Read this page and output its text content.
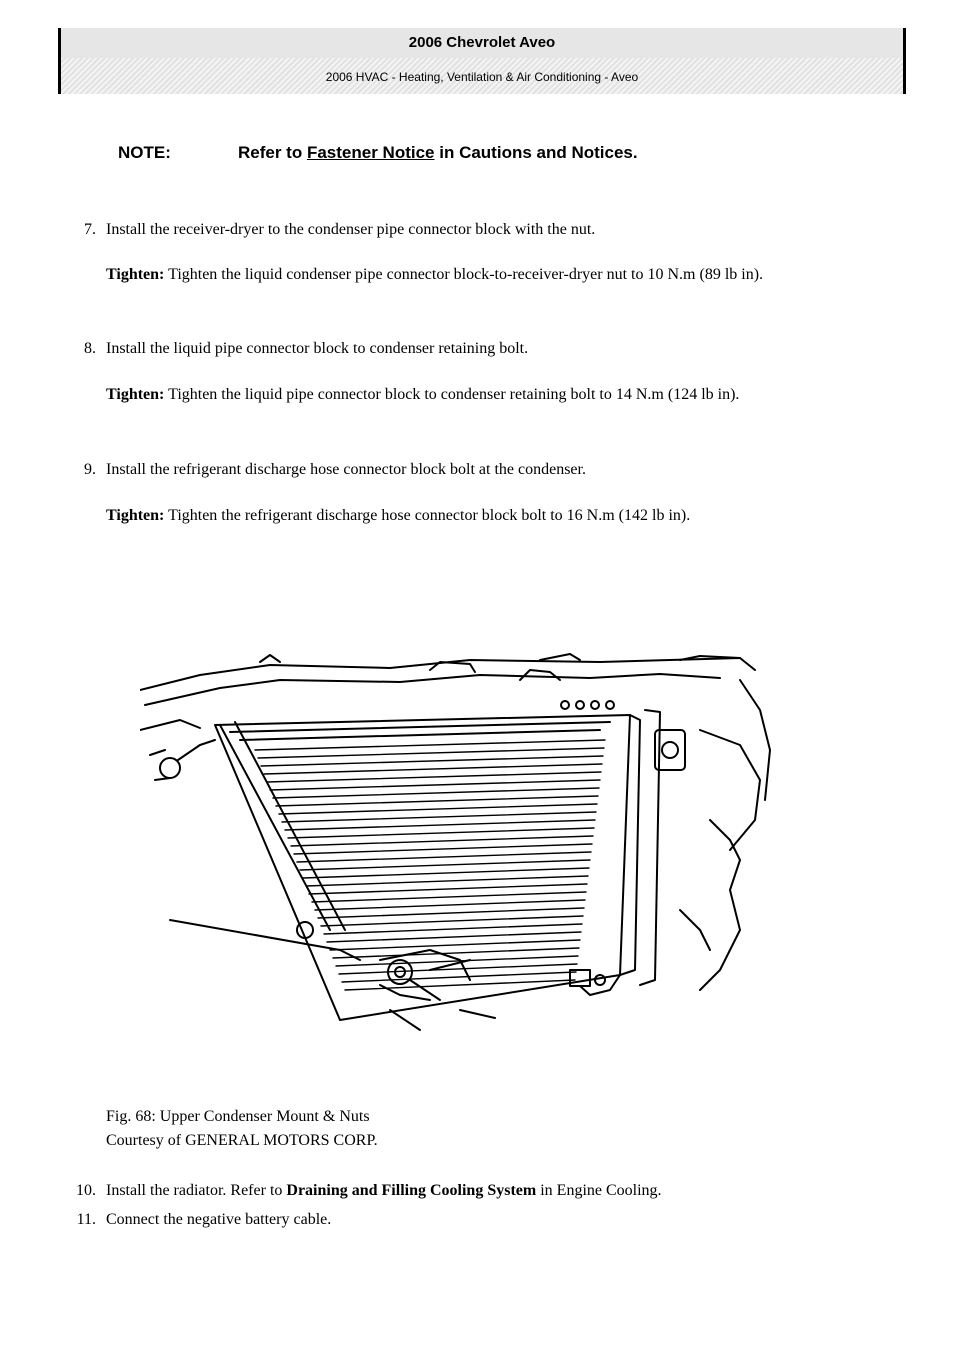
2006 Chevrolet Aveo
2006 HVAC - Heating, Ventilation & Air Conditioning - Aveo
NOTE:	Refer to Fastener Notice in Cautions and Notices.
7. Install the receiver-dryer to the condenser pipe connector block with the nut.
Tighten: Tighten the liquid condenser pipe connector block-to-receiver-dryer nut to 10 N.m (89 lb in).
8. Install the liquid pipe connector block to condenser retaining bolt.
Tighten: Tighten the liquid pipe connector block to condenser retaining bolt to 14 N.m (124 lb in).
9. Install the refrigerant discharge hose connector block bolt at the condenser.
Tighten: Tighten the refrigerant discharge hose connector block bolt to 16 N.m (142 lb in).
Fig. 68: Upper Condenser Mount & Nuts
Courtesy of GENERAL MOTORS CORP.
10. Install the radiator. Refer to Draining and Filling Cooling System in Engine Cooling.
11. Connect the negative battery cable.
